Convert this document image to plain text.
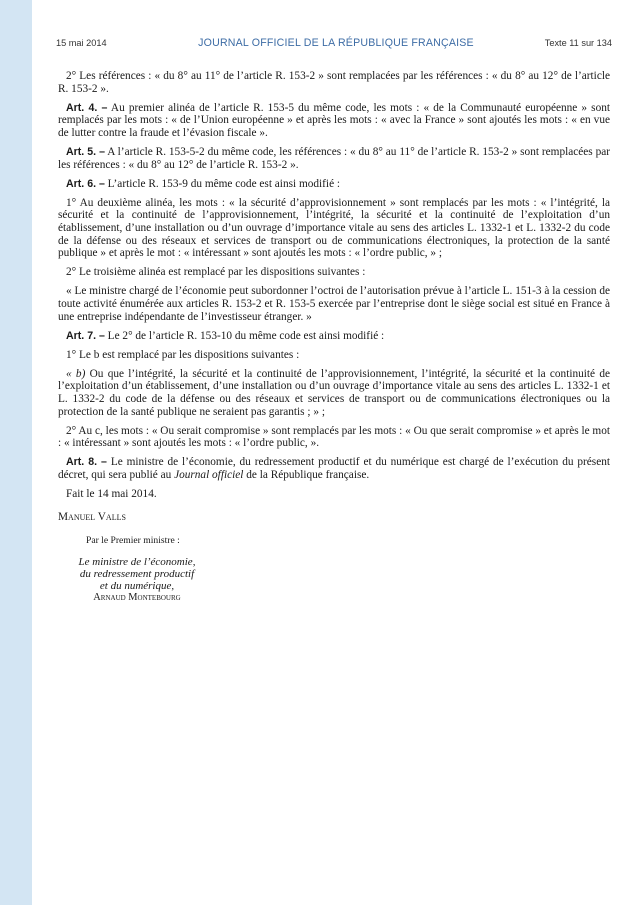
15 mai 2014	JOURNAL OFFICIEL DE LA RÉPUBLIQUE FRANÇAISE	Texte 11 sur 134

2° Les références : « du 8° au 11° de l’article R. 153-2 » sont remplacées par les références : « du 8° au 12° de l’article R. 153-2 ».

Art. 4. – Au premier alinéa de l’article R. 153-5 du même code, les mots : « de la Communauté européenne » sont remplacés par les mots : « de l’Union européenne » et après les mots : « avec la France » sont ajoutés les mots : « en vue de lutter contre la fraude et l’évasion fiscale ».

Art. 5. – A l’article R. 153-5-2 du même code, les références : « du 8° au 11° de l’article R. 153-2 » sont remplacées par les références : « du 8° au 12° de l’article R. 153-2 ».

Art. 6. – L’article R. 153-9 du même code est ainsi modifié :

1° Au deuxième alinéa, les mots : « la sécurité d’approvisionnement » sont remplacés par les mots : « l’intégrité, la sécurité et la continuité de l’approvisionnement, l’intégrité, la sécurité et la continuité de l’exploitation d’un établissement, d’une installation ou d’un ouvrage d’importance vitale au sens des articles L. 1332-1 et L. 1332-2 du code de la défense ou des réseaux et services de transport ou de communications électroniques, la protection de la santé publique » et après le mot : « intéressant » sont ajoutés les mots : « l’ordre public, » ;

2° Le troisième alinéa est remplacé par les dispositions suivantes :

« Le ministre chargé de l’économie peut subordonner l’octroi de l’autorisation prévue à l’article L. 151-3 à la cession de toute activité énumérée aux articles R. 153-2 et R. 153-5 exercée par l’entreprise dont le siège social est situé en France à une entreprise indépendante de l’investisseur étranger. »

Art. 7. – Le 2° de l’article R. 153-10 du même code est ainsi modifié :

1° Le b est remplacé par les dispositions suivantes :

« b) Ou que l’intégrité, la sécurité et la continuité de l’approvisionnement, l’intégrité, la sécurité et la continuité de l’exploitation d’un établissement, d’une installation ou d’un ouvrage d’importance vitale au sens des articles L. 1332-1 et L. 1332-2 du code de la défense ou des réseaux et services de transport ou de communications électroniques ou la protection de la santé publique ne seraient pas garantis ; » ;

2° Au c, les mots : « Ou serait compromise » sont remplacés par les mots : « Ou que serait compromise » et après le mot : « intéressant » sont ajoutés les mots : « l’ordre public, ».

Art. 8. – Le ministre de l’économie, du redressement productif et du numérique est chargé de l’exécution du présent décret, qui sera publié au Journal officiel de la République française.

Fait le 14 mai 2014.

Manuel Valls

Par le Premier ministre :
Le ministre de l’économie,
du redressement productif
et du numérique,
Arnaud Montebourg
